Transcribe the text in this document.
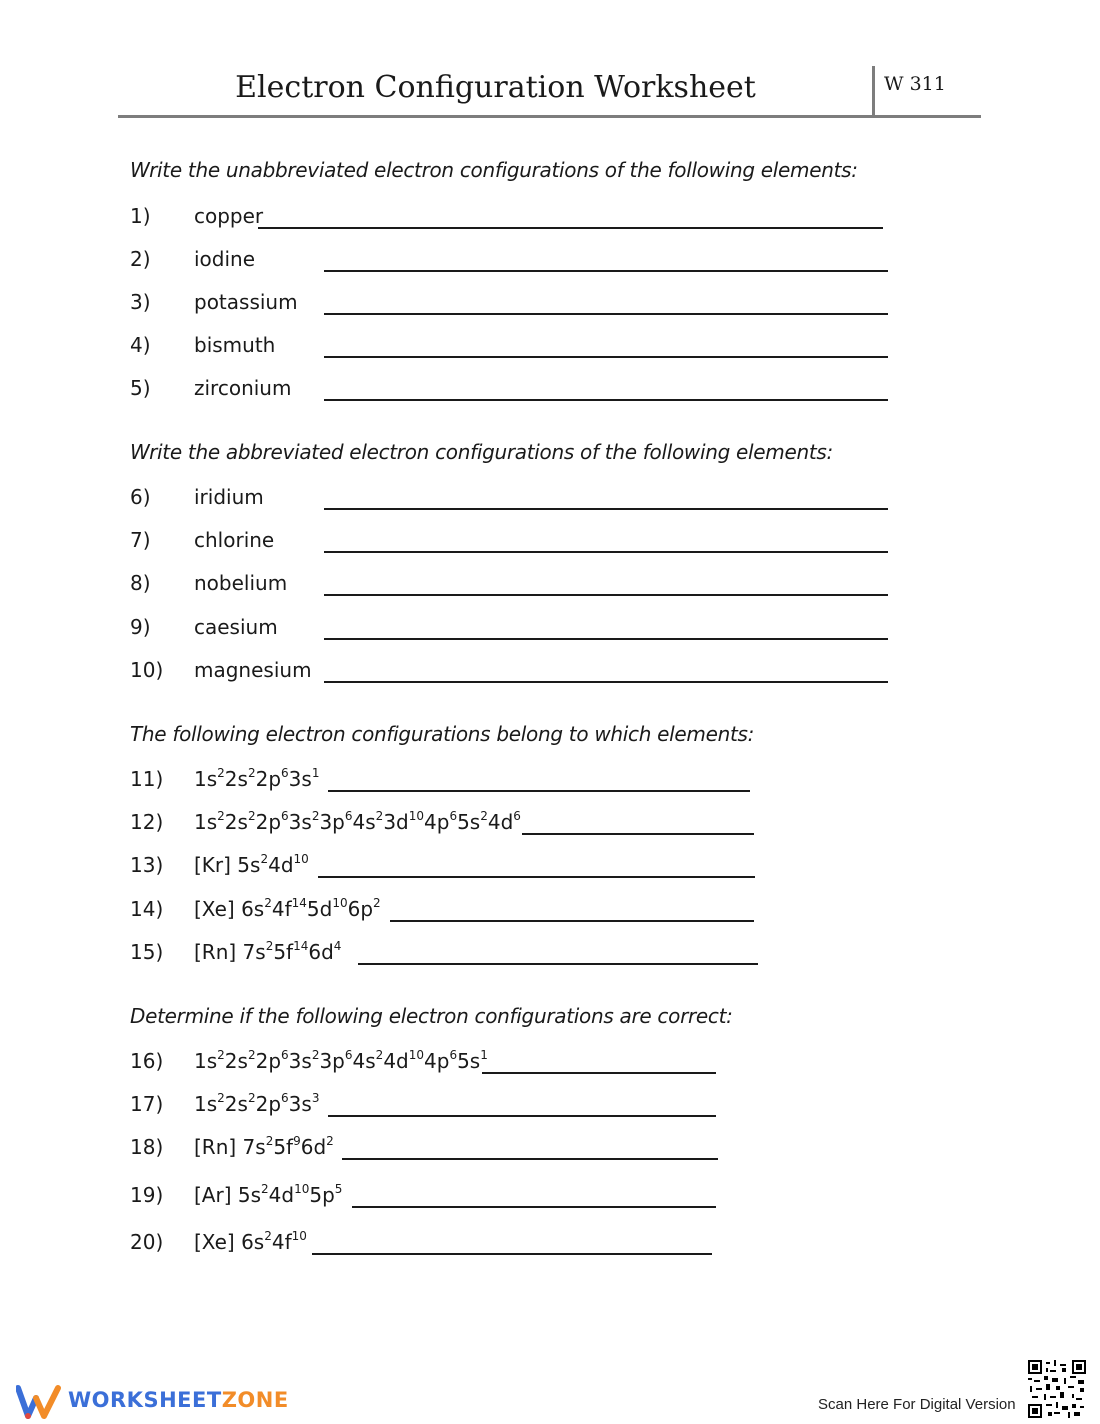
Electron Configuration Worksheet	W 311
Write the unabbreviated electron configurations of the following elements:
1) copper
2) iodine
3) potassium
4) bismuth
5) zirconium
Write the abbreviated electron configurations of the following elements:
6) iridium
7) chlorine
8) nobelium
9) caesium
10) magnesium
The following electron configurations belong to which elements:
11) $1s^22s^22p^63s^1$
12) $1s^22s^22p^63s^23p^64s^23d^{10}4p^65s^24d^6$
13) [Kr] $5s^24d^{10}$
14) [Xe] $6s^24f^{14}5d^{10}6p^2$
15) [Rn] $7s^25f^{14}6d^4$
Determine if the following electron configurations are correct:
16) $1s^22s^22p^63s^23p^64s^24d^{10}4p^65s^1$
17) $1s^22s^22p^63s^3$
18) [Rn] $7s^25f^96d^2$
19) [Ar] $5s^24d^{10}5p^5$
20) [Xe] $6s^24f^{10}$
WORKSHEETZONE	Scan Here For Digital Version
